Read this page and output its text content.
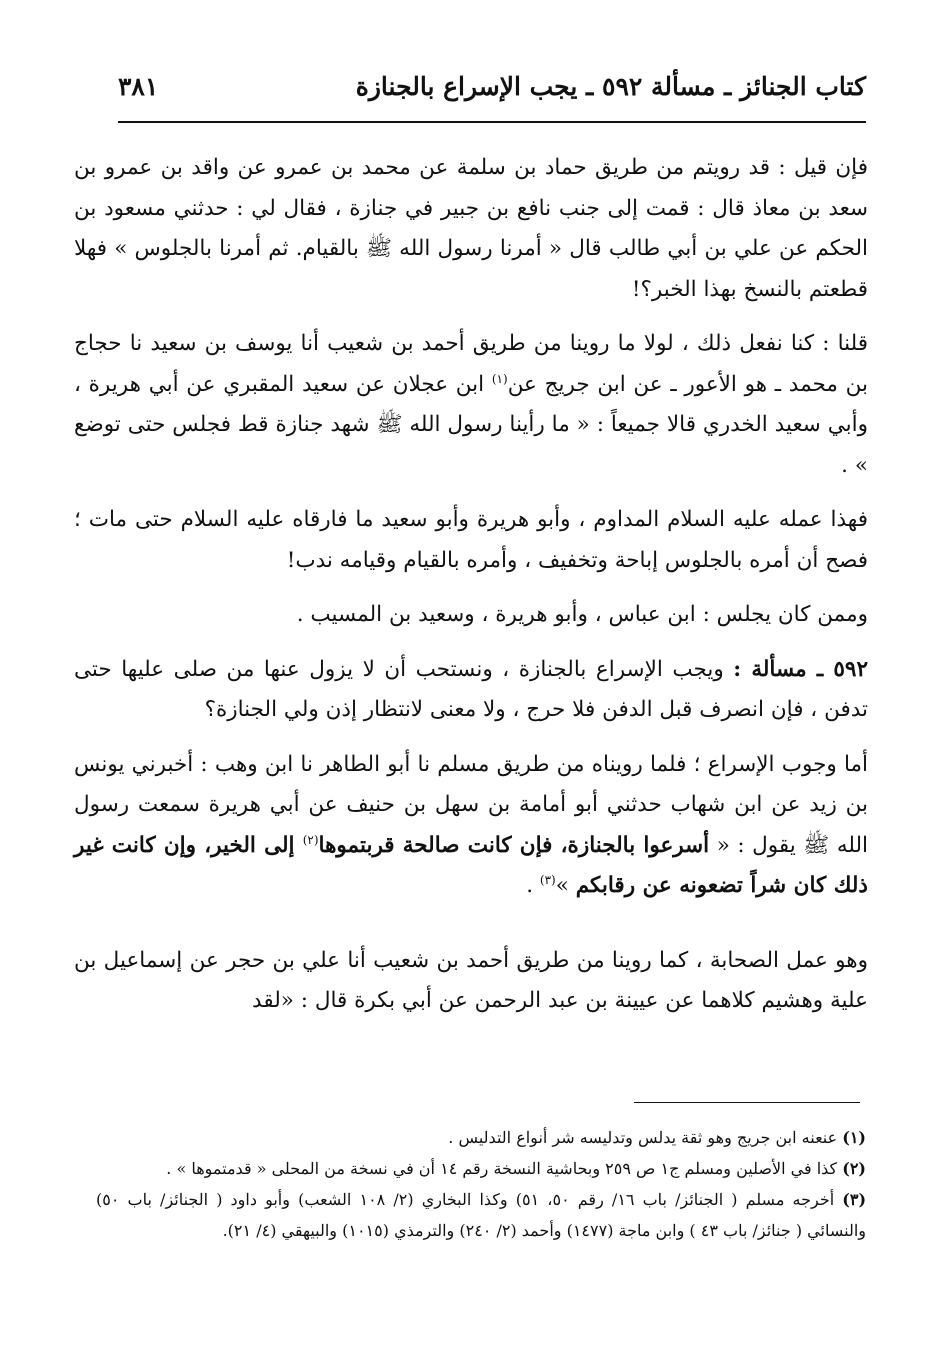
كتاب الجنائز ـ مسألة ٥٩٢ ـ يجب الإسراع بالجنازة
٣٨١

فإن قيل : قد رويتم من طريق حماد بن سلمة عن محمد بن عمرو عن واقد بن عمرو بن سعد بن معاذ قال : قمت إلى جنب نافع بن جبير في جنازة ، فقال لي : حدثني مسعود بن الحكم عن علي بن أبي طالب قال « أمرنا رسول الله ﷺ بالقيام. ثم أمرنا بالجلوس » فهلا قطعتم بالنسخ بهذا الخبر؟!

قلنا : كنا نفعل ذلك ، لولا ما روينا من طريق أحمد بن شعيب أنا يوسف بن سعيد نا حجاج بن محمد ـ هو الأعور ـ عن ابن جريج عن$^{(١)}$ ابن عجلان عن سعيد المقبري عن أبي هريرة ، وأبي سعيد الخدري قالا جميعاً : « ما رأينا رسول الله ﷺ شهد جنازة قط فجلس حتى توضع » .

فهذا عمله عليه السلام المداوم ، وأبو هريرة وأبو سعيد ما فارقاه عليه السلام حتى مات ؛ فصح أن أمره بالجلوس إباحة وتخفيف ، وأمره بالقيام وقيامه ندب!

وممن كان يجلس : ابن عباس ، وأبو هريرة ، وسعيد بن المسيب .

٥٩٢ ـ مسألة : ويجب الإسراع بالجنازة ، ونستحب أن لا يزول عنها من صلى عليها حتى تدفن ، فإن انصرف قبل الدفن فلا حرج ، ولا معنى لانتظار إذن ولي الجنازة؟

أما وجوب الإسراع ؛ فلما رويناه من طريق مسلم نا أبو الطاهر نا ابن وهب : أخبرني يونس بن زيد عن ابن شهاب حدثني أبو أمامة بن سهل بن حنيف عن أبي هريرة سمعت رسول الله ﷺ يقول : « أسرعوا بالجنازة، فإن كانت صالحة قربتموها$^{(٢)}$ إلى الخير، وإن كانت غير ذلك كان شراً تضعونه عن رقابكم »$^{(٣)}$ .

وهو عمل الصحابة ، كما روينا من طريق أحمد بن شعيب أنا علي بن حجر عن إسماعيل بن علية وهشيم كلاهما عن عيينة بن عبد الرحمن عن أبي بكرة قال : «لقد

(١) عنعنه ابن جريج وهو ثقة يدلس وتدليسه شر أنواع التدليس .

(٢) كذا في الأصلين ومسلم ج١ ص ٢٥٩ وبحاشية النسخة رقم ١٤ أن في نسخة من المحلى « قدمتموها » .

(٣) أخرجه مسلم ( الجنائز/ باب ١٦/ رقم ٥٠، ٥١) وكذا البخاري (٢/ ١٠٨ الشعب) وأبو داود ( الجنائز/ باب ٥٠) والنسائي ( جنائز/ باب ٤٣ ) وابن ماجة (١٤٧٧) وأحمد (٢/ ٢٤٠) والترمذي (١٠١٥) والبيهقي (٤/ ٢١).
